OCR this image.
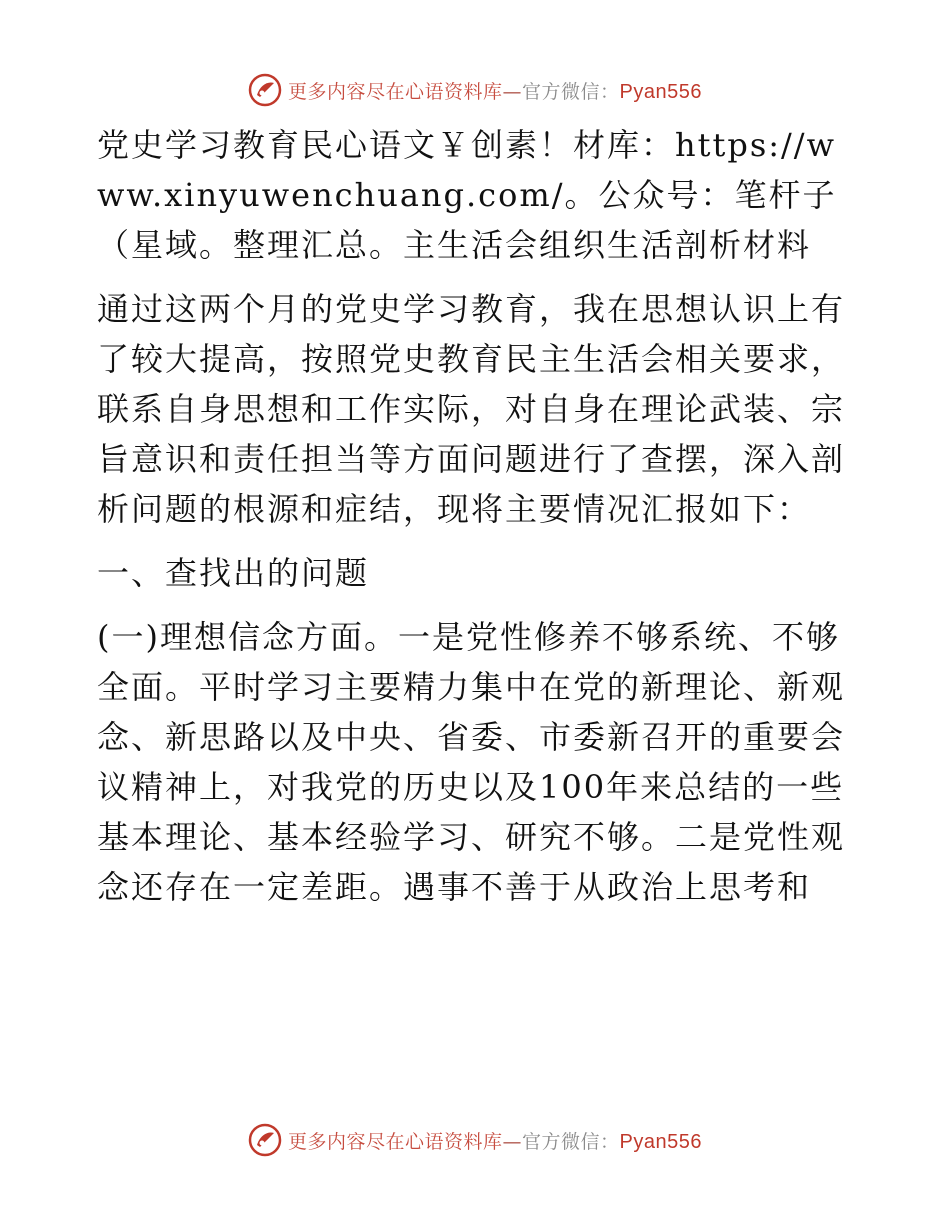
更多内容尽在心语资料库—官方微信：Pyan556

党史学习教育民心语文￥创素！材库：https://www.xinyuwenchuang.com/。公众号：笔杆子（星域。整理汇总。主生活会组织生活剖析材料

通过这两个月的党史学习教育，我在思想认识上有了较大提高，按照党史教育民主生活会相关要求，联系自身思想和工作实际，对自身在理论武装、宗旨意识和责任担当等方面问题进行了查摆，深入剖析问题的根源和症结，现将主要情况汇报如下：

一、查找出的问题

(一)理想信念方面。一是党性修养不够系统、不够全面。平时学习主要精力集中在党的新理论、新观念、新思路以及中央、省委、市委新召开的重要会议精神上，对我党的历史以及100年来总结的一些基本理论、基本经验学习、研究不够。二是党性观念还存在一定差距。遇事不善于从政治上思考和

更多内容尽在心语资料库—官方微信：Pyan556
